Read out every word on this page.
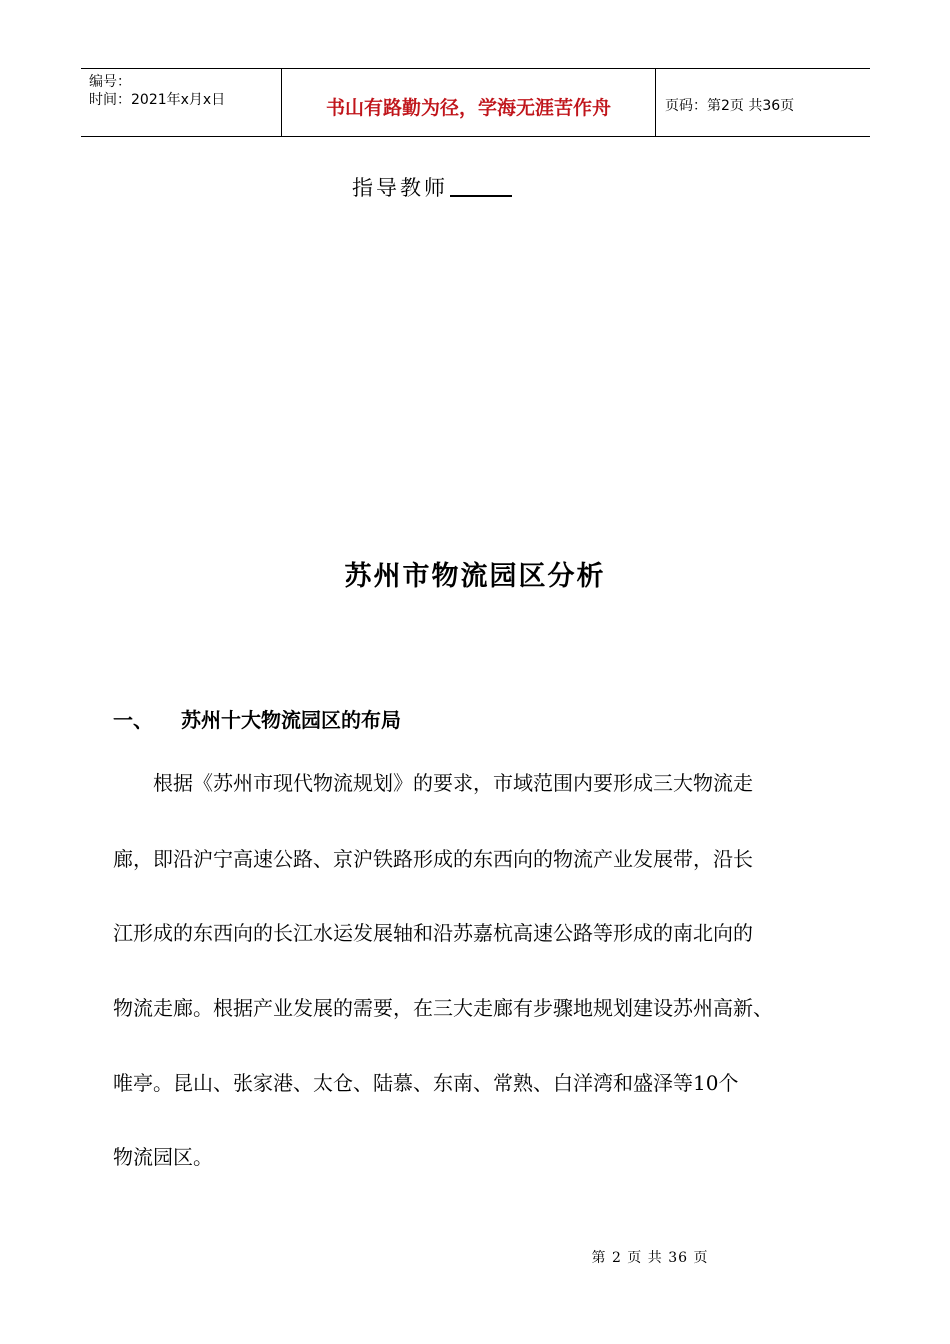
编号：
时间：2021年x月x日	书山有路勤为径，学海无涯苦作舟	页码：第2页 共36页
指导教师
苏州市物流园区分析
一、 苏州十大物流园区的布局
　　根据《苏州市现代物流规划》的要求，市域范围内要形成三大物流走
廊，即沿沪宁高速公路、京沪铁路形成的东西向的物流产业发展带，沿长
江形成的东西向的长江水运发展轴和沿苏嘉杭高速公路等形成的南北向的
物流走廊。根据产业发展的需要，在三大走廊有步骤地规划建设苏州高新、
唯亭。昆山、张家港、太仓、陆慕、东南、常熟、白洋湾和盛泽等10个
物流园区。
第 2 页 共 36 页
